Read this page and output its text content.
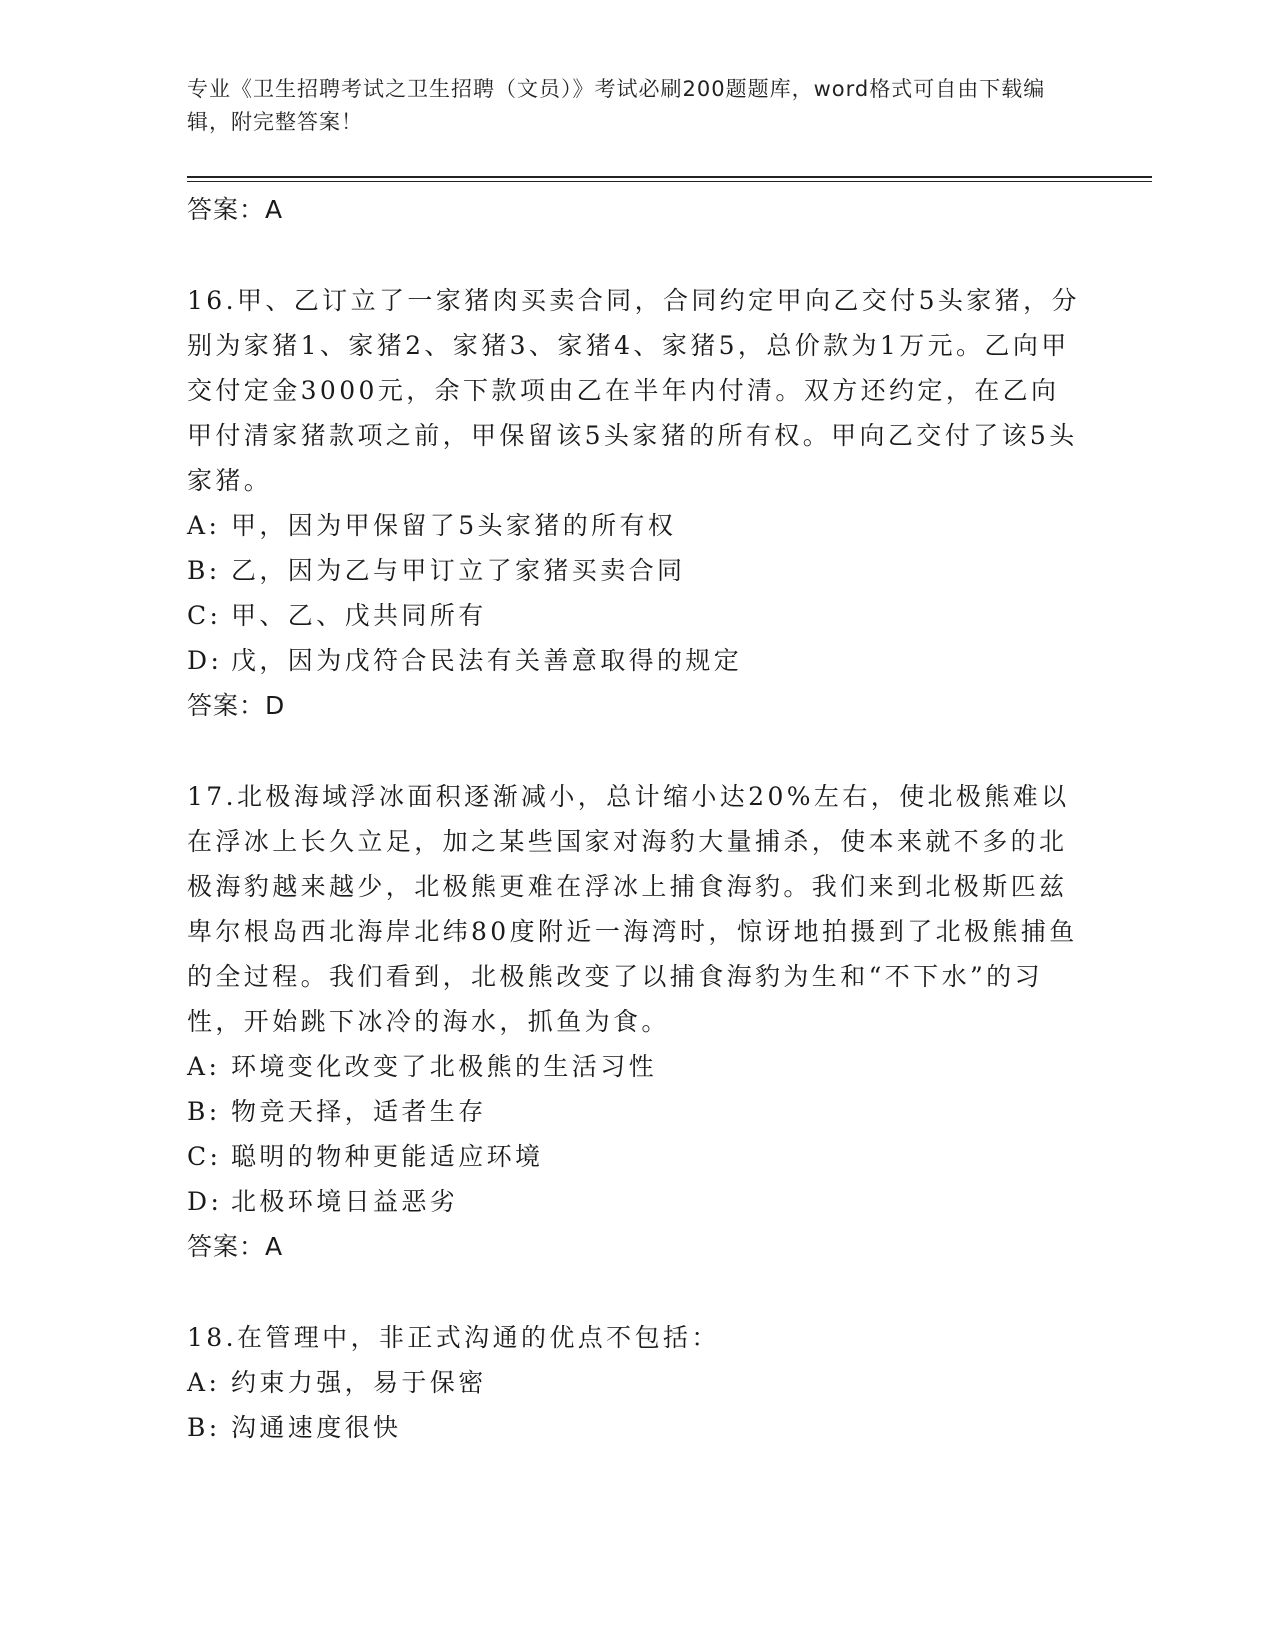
专业《卫生招聘考试之卫生招聘（文员）》考试必刷200题题库，word格式可自由下载编辑，附完整答案！
答案：A

16.甲、乙订立了一家猪肉买卖合同，合同约定甲向乙交付5头家猪，分别为家猪1、家猪2、家猪3、家猪4、家猪5，总价款为1万元。乙向甲交付定金3000元，余下款项由乙在半年内付清。双方还约定，在乙向甲付清家猪款项之前，甲保留该5头家猪的所有权。甲向乙交付了该5头家猪。

A: 甲，因为甲保留了5头家猪的所有权
B: 乙，因为乙与甲订立了家猪买卖合同
C: 甲、乙、戊共同所有
D: 戊，因为戊符合民法有关善意取得的规定
答案：D

17.北极海域浮冰面积逐渐减小，总计缩小达20%左右，使北极熊难以在浮冰上长久立足，加之某些国家对海豹大量捕杀，使本来就不多的北极海豹越来越少，北极熊更难在浮冰上捕食海豹。我们来到北极斯匹兹卑尔根岛西北海岸北纬80度附近一海湾时，惊讶地拍摄到了北极熊捕鱼的全过程。我们看到，北极熊改变了以捕食海豹为生和“不下水”的习性，开始跳下冰冷的海水，抓鱼为食。

A: 环境变化改变了北极熊的生活习性
B: 物竞天择，适者生存
C: 聪明的物种更能适应环境
D: 北极环境日益恶劣
答案：A

18.在管理中，非正式沟通的优点不包括：

A: 约束力强，易于保密
B: 沟通速度很快
